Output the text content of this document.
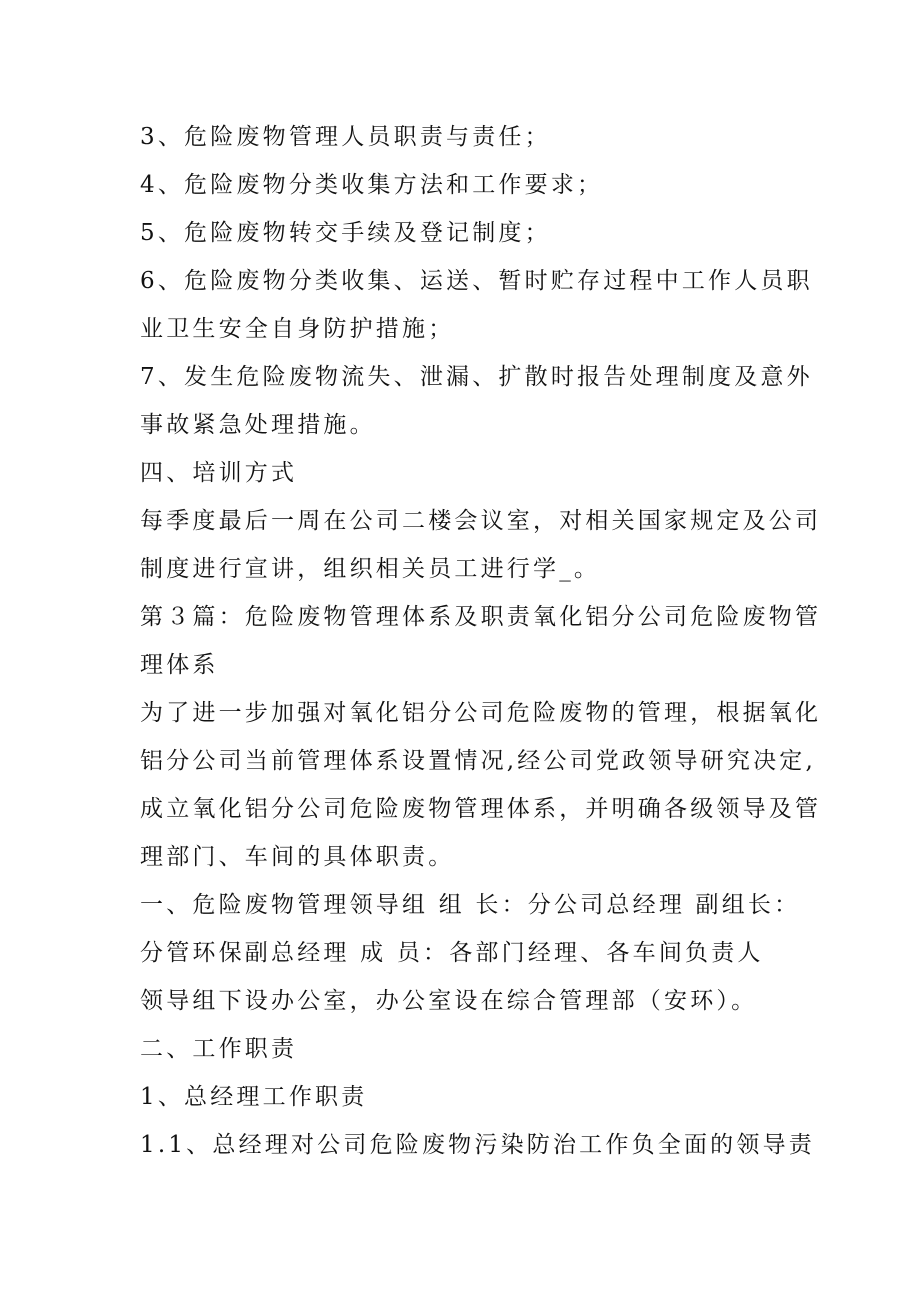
3、危险废物管理人员职责与责任；
4、危险废物分类收集方法和工作要求；
5、危险废物转交手续及登记制度；
6、危险废物分类收集、运送、暂时贮存过程中工作人员职
业卫生安全自身防护措施；
7、发生危险废物流失、泄漏、扩散时报告处理制度及意外
事故紧急处理措施。
四、培训方式
每季度最后一周在公司二楼会议室，对相关国家规定及公司
制度进行宣讲，组织相关员工进行学_。
第３篇：危险废物管理体系及职责氧化铝分公司危险废物管
理体系
为了进一步加强对氧化铝分公司危险废物的管理，根据氧化
铝分公司当前管理体系设置情况,经公司党政领导研究决定,
成立氧化铝分公司危险废物管理体系，并明确各级领导及管
理部门、车间的具体职责。
一、危险废物管理领导组 组 长：分公司总经理 副组长：
分管环保副总经理 成 员：各部门经理、各车间负责人
领导组下设办公室，办公室设在综合管理部（安环）。
二、工作职责
1、总经理工作职责
1.1、总经理对公司危险废物污染防治工作负全面的领导责
